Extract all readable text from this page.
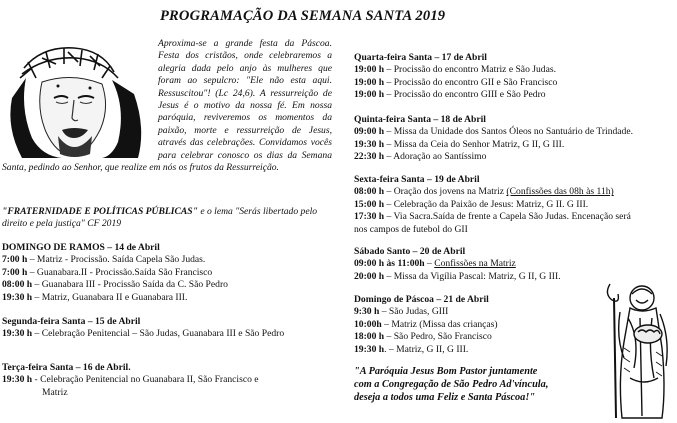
PROGRAMAÇÃO DA SEMANA SANTA 2019
Aproxima-se a grande festa da Páscoa. Festa dos cristãos, onde celebraremos a alegria dada pelo anjo às mulheres que foram ao sepulcro: "Ele não esta aqui. Ressuscitou"! (Lc 24,6). A ressurreição de Jesus é o motivo da nossa fé. Em nossa paróquia, reviveremos os momentos da paixão, morte e ressurreição de Jesus, através das celebrações. Convidamos vocês para celebrar conosco os dias da Semana Santa, pedindo ao Senhor, que realize em nós os frutos da Ressurreição.
"FRATERNIDADE E POLÍTICAS PÚBLICAS" e o lema "Serás libertado pelo direito e pela justiça" CF 2019
DOMINGO DE RAMOS – 14 de Abril
7:00 h – Matriz - Procissão. Saída Capela São Judas.
7:00 h – Guanabara.II - Procissão.Saída São Francisco
08:00 h – Guanabara III - Procissão Saída da C. São Pedro
19:30 h – Matriz, Guanabara II e Guanabara III.
Segunda-feira Santa – 15 de Abril
19:30 h – Celebração Penitencial – São Judas, Guanabara III e São Pedro
Terça-feira Santa – 16 de Abril.
19:30 h - Celebração Penitencial no Guanabara II, São Francisco e
Matriz
Quarta-feira Santa – 17 de Abril
19:00 h – Procissão do encontro Matriz e São Judas.
19:00 h – Procissão do encontro GII e São Francisco
19:00 h – Procissão do encontro GIII e São Pedro
Quinta-feira Santa – 18 de Abril
09:00 h – Missa da Unidade dos Santos Óleos no Santuário de Trindade.
19:30 h – Missa da Ceia do Senhor Matriz, G II, G III.
22:30 h – Adoração ao Santíssimo
Sexta-feira Santa – 19 de Abril
08:00 h – Oração dos jovens na Matriz (Confissões das 08h às 11h)
15:00 h – Celebração da Paixão de Jesus: Matriz, G II. G III.
17:30 h – Via Sacra.Saída de frente a Capela São Judas. Encenação será
nos campos de futebol do GII
Sábado Santo – 20 de Abril
09:00 h às 11:00h – Confissões na Matriz
20:00 h – Missa da Vigília Pascal: Matriz, G II, G III.
Domingo de Páscoa – 21 de Abril
9:30 h – São Judas, GIII
10:00h – Matriz (Missa das crianças)
18:00 h – São Pedro, São Francisco
19:30 h. – Matriz, G II, G III.
"A Paróquia Jesus Bom Pastor juntamente
com a Congregação de São Pedro Ad'víncula,
deseja a todos uma Feliz e Santa Páscoa!"
